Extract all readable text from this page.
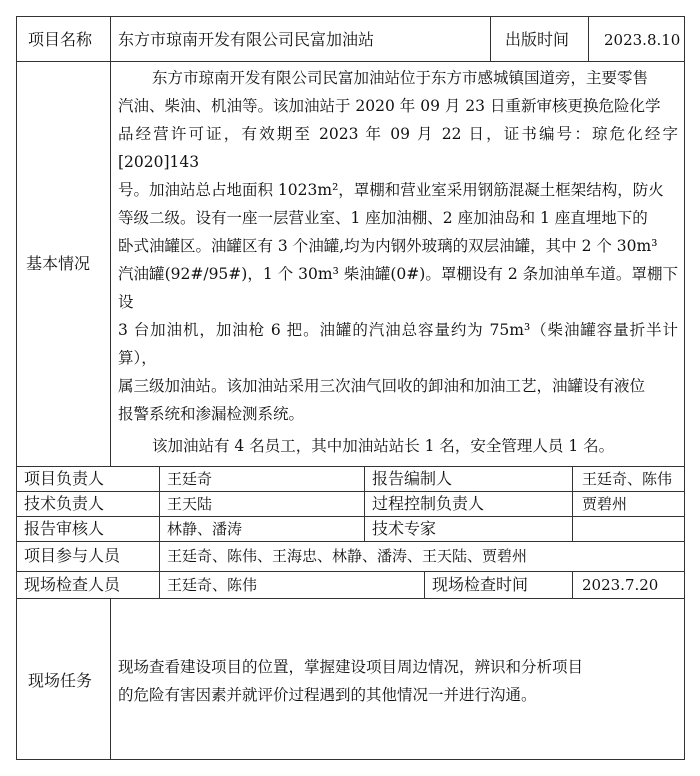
项目名称 东方市琼南开发有限公司民富加油站	出版时间 2023.8.10
基本情况
东方市琼南开发有限公司民富加油站位于东方市感城镇国道旁，主要零售
汽油、柴油、机油等。该加油站于 2020 年 09 月 23 日重新审核更换危险化学
品经营许可证，有效期至 2023 年 09 月 22 日，证书编号：琼危化经字[2020]143
号。加油站总占地面积 1023m²，罩棚和营业室采用钢筋混凝土框架结构，防火
等级二级。设有一座一层营业室、1 座加油棚、2 座加油岛和 1 座直埋地下的
卧式油罐区。油罐区有 3 个油罐,均为内钢外玻璃的双层油罐，其中 2 个 30m³
汽油罐(92#/95#)，1 个 30m³ 柴油罐(0#)。罩棚设有 2 条加油单车道。罩棚下设
3 台加油机，加油枪 6 把。油罐的汽油总容量约为 75m³（柴油罐容量折半计算），
属三级加油站。该加油站采用三次油气回收的卸油和加油工艺，油罐设有液位
报警系统和渗漏检测系统。
该加油站有 4 名员工，其中加油站站长 1 名，安全管理人员 1 名。
项目负责人	王廷奇	报告编制人	王廷奇、陈伟
技术负责人	王天陆	过程控制负责人	贾碧州
报告审核人	林静、潘涛	技术专家
项目参与人员	王廷奇、陈伟、王海忠、林静、潘涛、王天陆、贾碧州
现场检查人员	王廷奇、陈伟	现场检查时间	2023.7.20
现场任务
现场查看建设项目的位置，掌握建设项目周边情况，辨识和分析项目
的危险有害因素并就评价过程遇到的其他情况一并进行沟通。
